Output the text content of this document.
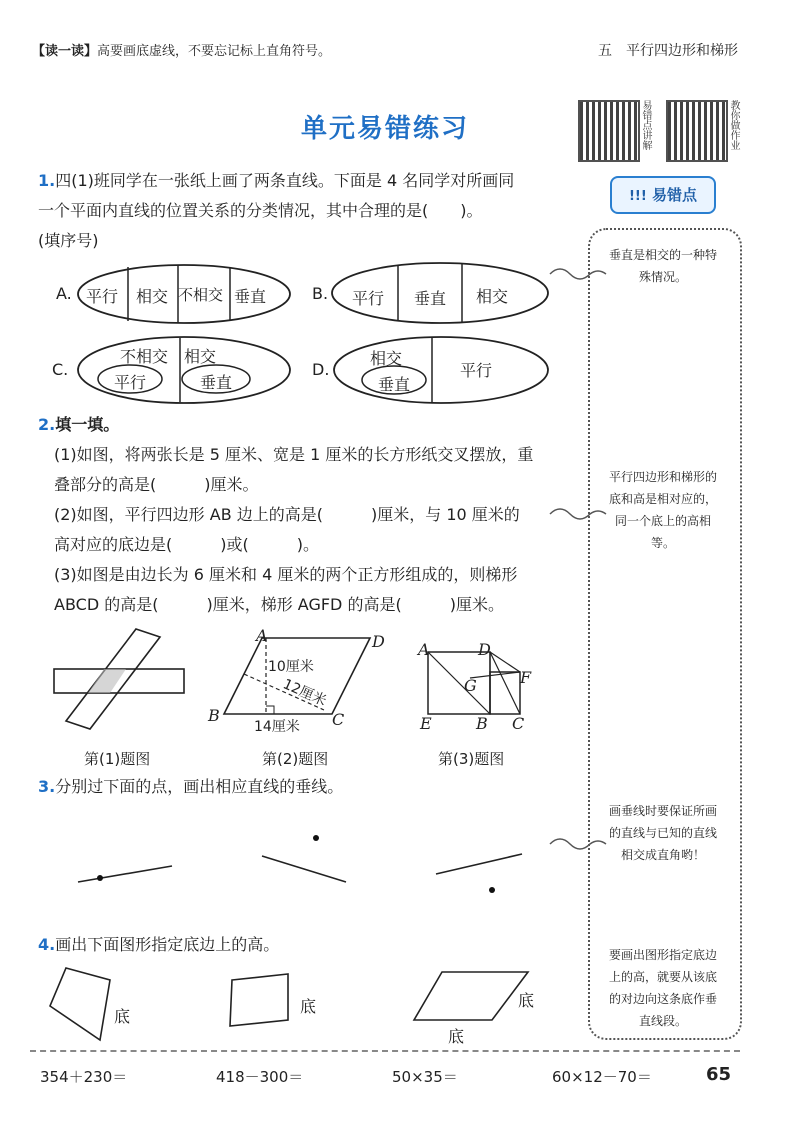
【读一读】高要画底虚线，不要忘记标上直角符号。	五　平行四边形和梯形
单元易错练习	易错点讲解	教你做作业
!!! 易错点
垂直是相交的一种特殊情况。
平行四边形和梯形的底和高是相对应的，同一个底上的高相等。
画垂线时要保证所画的直线与已知的直线相交成直角哟！
要画出图形指定底边上的高，就要从该底的对边向这条底作垂直线段。
1.四(1)班同学在一张纸上画了两条直线。下面是 4 名同学对所画同
一个平面内直线的位置关系的分类情况，其中合理的是(　　)。
(填序号)
A. 平行 相交 不相交 垂直	B. 平行 垂直 相交
C.
不相交 相交
平行	垂直
D.
相交
垂直
平行
2.填一填。
(1)如图，将两张长是 5 厘米、宽是 1 厘米的长方形纸交叉摆放，重
叠部分的高是(　　　)厘米。
(2)如图，平行四边形 AB 边上的高是(　　　)厘米，与 10 厘米的
高对应的底边是(　　　)或(　　　)。
(3)如图是由边长为 6 厘米和 4 厘米的两个正方形组成的，则梯形
ABCD 的高是(　　　)厘米，梯形 AGFD 的高是(　　　)厘米。
A	D
B	C
10厘米
12厘米
14厘米
A	D
G	F
E	B C
第(1)题图	第(2)题图	第(3)题图
3.分别过下面的点，画出相应直线的垂线。
4.画出下面图形指定底边上的高。
底
底	底
底
354＋230＝	418－300＝	50×35＝	60×12－70＝	65
